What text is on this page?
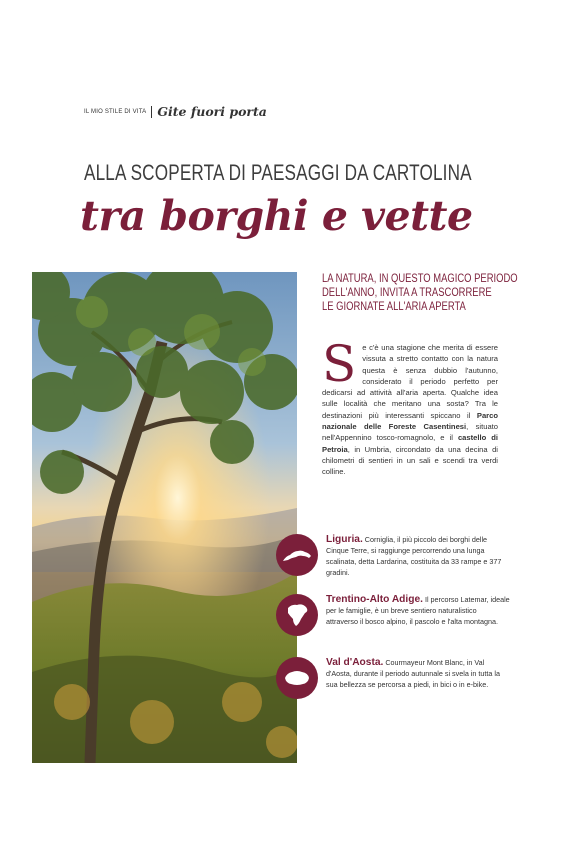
IL MIO STILE DI VITA Gite fuori porta
ALLA SCOPERTA DI PAESAGGI DA CARTOLINA
tra borghi e vette
LA NATURA, IN QUESTO MAGICO PERIODO
DELL'ANNO, INVITA A TRASCORRERE
LE GIORNATE ALL'ARIA APERTA
Se c'è una stagione che merita di essere vissuta a stretto contatto con la natura questa è senza dubbio l'autunno, considerato il periodo perfetto per dedicarsi ad attività all'aria aperta. Qualche idea sulle località che meritano una sosta? Tra le destinazioni più interessanti spiccano il Parco nazionale delle Foreste Casentinesi, situato nell'Appennino tosco-romagnolo, e il castello di Petroia, in Umbria, circondato da una decina di chilometri di sentieri in un sali e scendi tra verdi colline.
Liguria. Corniglia, il più piccolo dei borghi delle Cinque Terre, si raggiunge percorrendo una lunga scalinata, detta Lardarina, costituita da 33 rampe e 377 gradini.
Trentino-Alto Adige. Il percorso Latemar, ideale per le famiglie, è un breve sentiero naturalistico attraverso il bosco alpino, il pascolo e l'alta montagna.
Val d'Aosta. Courmayeur Mont Blanc, in Val d'Aosta, durante il periodo autunnale si svela in tutta la sua bellezza se percorsa a piedi, in bici o in e-bike.
